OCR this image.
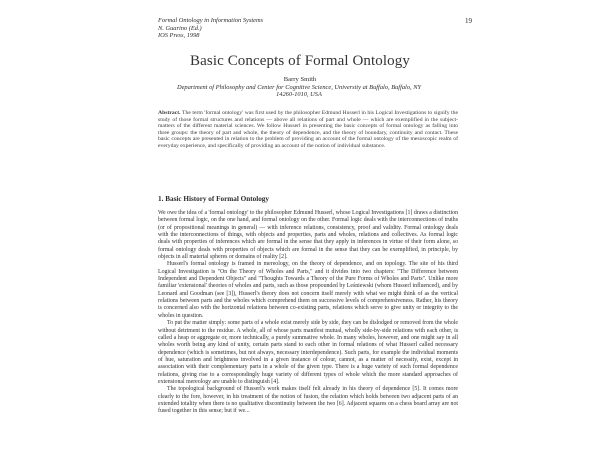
Formal Ontology in Information Systems
N. Guarino (Ed.)
IOS Press, 1998
19
Basic Concepts of Formal Ontology
Barry Smith
Department of Philosophy and Center for Cognitive Science, University at Buffalo, Buffalo, NY 14260-1010, USA
Abstract. The term 'formal ontology' was first used by the philosopher Edmund Husserl in his Logical Investigations to signify the study of those formal structures and relations — above all relations of part and whole — which are exemplified in the subject-matters of the different material sciences. We follow Husserl in presenting the basic concepts of formal ontology as falling into three groups: the theory of part and whole, the theory of dependence, and the theory of boundary, continuity and contact. These basic concepts are presented in relation to the problem of providing an account of the formal ontology of the mesoscopic realm of everyday experience, and specifically of providing an account of the notion of individual substance.
1. Basic History of Formal Ontology

We owe the idea of a 'formal ontology' to the philosopher Edmund Husserl, whose Logical Investigations [1] draws a distinction between formal logic, on the one hand, and formal ontology on the other. Formal logic deals with the interconnections of truths (or of propositional meanings in general) — with inference relations, consistency, proof and validity. Formal ontology deals with the interconnections of things, with objects and properties, parts and wholes, relations and collectives. As formal logic deals with properties of inferences which are formal in the sense that they apply in inferences in virtue of their form alone, so formal ontology deals with properties of objects which are formal in the sense that they can be exemplified, in principle, by objects in all material spheres or domains of reality [2].

Husserl's formal ontology is framed in mereology, on the theory of dependence, and on topology. The site of his third Logical Investigation is "On the Theory of Wholes and Parts," and it divides into two chapters: "The Difference between Independent and Dependent Objects" and "Thoughts Towards a Theory of the Pure Forms of Wholes and Parts". Unlike more familiar 'extensional' theories of wholes and parts, such as those propounded by Leśniewski (whom Husserl influenced), and by Leonard and Goodman (see [3]), Husserl's theory does not concern itself merely with what we might think of as the vertical relations between parts and the wholes which comprehend them on successive levels of comprehensiveness. Rather, his theory is concerned also with the horizontal relations between co-existing parts, relations which serve to give unity or integrity to the wholes in question.

To put the matter simply: some parts of a whole exist merely side by side, they can be dislodged or removed from the whole without detriment to the residue. A whole, all of whose parts manifest mutual, wholly side-by-side relations with each other, is called a heap or aggregate or, more technically, a purely summative whole. In many wholes, however, and one might say in all wholes worth being any kind of unity, certain parts stand to each other in formal relations of what Husserl called necessary dependence (which is sometimes, but not always, necessary interdependence). Such parts, for example the individual moments of hue, saturation and brightness involved in a given instance of colour, cannot, as a matter of necessity, exist, except in association with their complementary parts in a whole of the given type. There is a huge variety of such formal dependence relations, giving rise to a correspondingly huge variety of different types of whole which the more standard approaches of extensional mereology are unable to distinguish [4].

The topological background of Husserl's work makes itself felt already in his theory of dependence [5]. It comes more clearly to the fore, however, in his treatment of the notion of fusion, the relation which holds between two adjacent parts of an extended totality when there is no qualitative discontinuity between the two [6]. Adjacent squares on a chess board array are not fused together in this sense; but if we...
